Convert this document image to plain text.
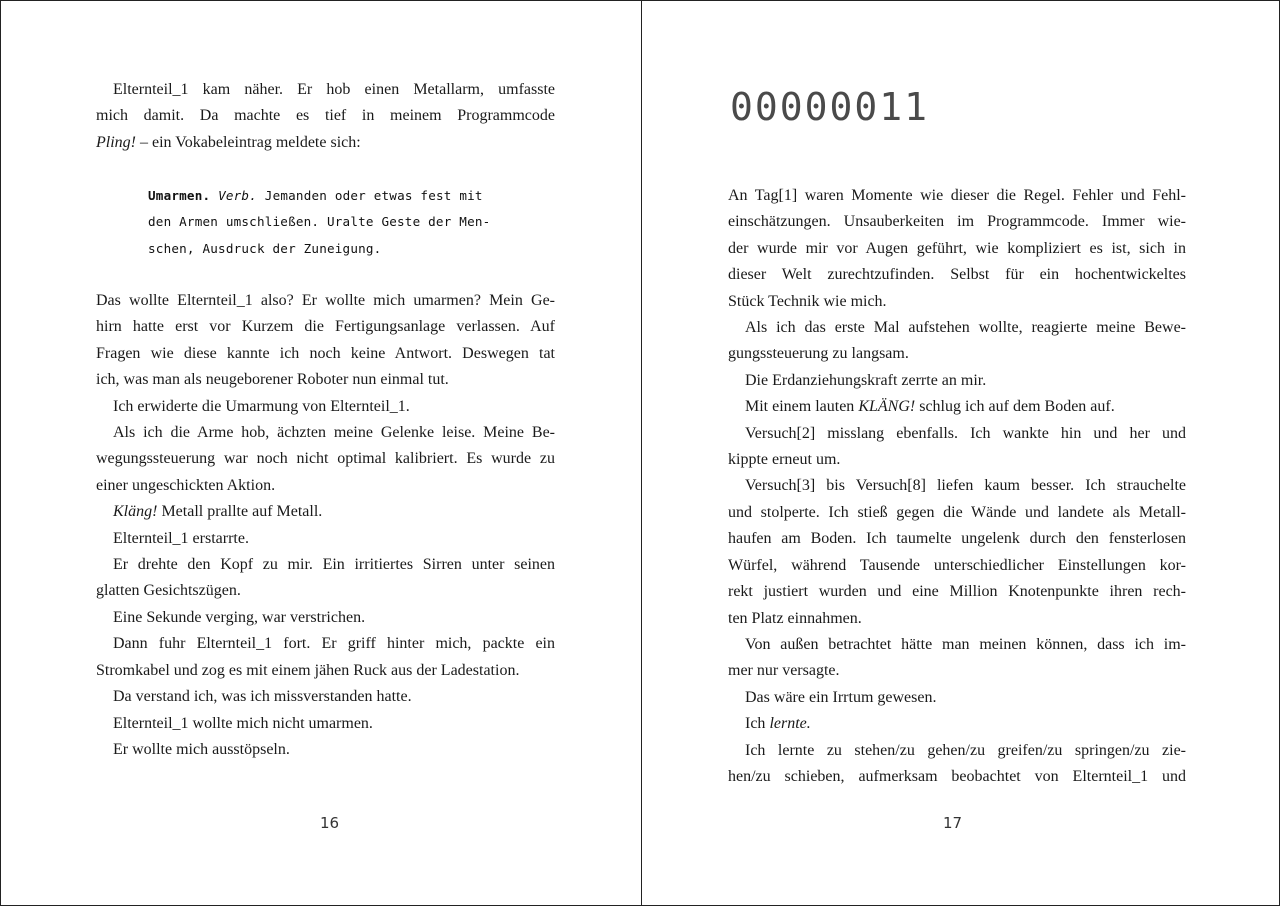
Elternteil_1 kam näher. Er hob einen Metallarm, umfasste
mich damit. Da machte es tief in meinem Programmcode
Pling! – ein Vokabeleintrag meldete sich:
Umarmen. Verb. Jemanden oder etwas fest mit
den Armen umschließen. Uralte Geste der Men-
schen, Ausdruck der Zuneigung.
Das wollte Elternteil_1 also? Er wollte mich umarmen? Mein Ge-
hirn hatte erst vor Kurzem die Fertigungsanlage verlassen. Auf
Fragen wie diese kannte ich noch keine Antwort. Deswegen tat
ich, was man als neugeborener Roboter nun einmal tut.
Ich erwiderte die Umarmung von Elternteil_1.
Als ich die Arme hob, ächzten meine Gelenke leise. Meine Be-
wegungssteuerung war noch nicht optimal kalibriert. Es wurde zu
einer ungeschickten Aktion.
Kläng! Metall prallte auf Metall.
Elternteil_1 erstarrte.
Er drehte den Kopf zu mir. Ein irritiertes Sirren unter seinen
glatten Gesichtszügen.
Eine Sekunde verging, war verstrichen.
Dann fuhr Elternteil_1 fort. Er griff hinter mich, packte ein
Stromkabel und zog es mit einem jähen Ruck aus der Ladestation.
Da verstand ich, was ich missverstanden hatte.
Elternteil_1 wollte mich nicht umarmen.
Er wollte mich ausstöpseln.
16
00000011
An Tag[1] waren Momente wie dieser die Regel. Fehler und Fehl-
einschätzungen. Unsauberkeiten im Programmcode. Immer wie-
der wurde mir vor Augen geführt, wie kompliziert es ist, sich in
dieser Welt zurechtzufinden. Selbst für ein hochentwickeltes
Stück Technik wie mich.
Als ich das erste Mal aufstehen wollte, reagierte meine Bewe-
gungssteuerung zu langsam.
Die Erdanziehungskraft zerrte an mir.
Mit einem lauten KLÄNG! schlug ich auf dem Boden auf.
Versuch[2] misslang ebenfalls. Ich wankte hin und her und
kippte erneut um.
Versuch[3] bis Versuch[8] liefen kaum besser. Ich strauchelte
und stolperte. Ich stieß gegen die Wände und landete als Metall-
haufen am Boden. Ich taumelte ungelenk durch den fensterlosen
Würfel, während Tausende unterschiedlicher Einstellungen kor-
rekt justiert wurden und eine Million Knotenpunkte ihren rech-
ten Platz einnahmen.
Von außen betrachtet hätte man meinen können, dass ich im-
mer nur versagte.
Das wäre ein Irrtum gewesen.
Ich lernte.
Ich lernte zu stehen/zu gehen/zu greifen/zu springen/zu zie-
hen/zu schieben, aufmerksam beobachtet von Elternteil_1 und
17
